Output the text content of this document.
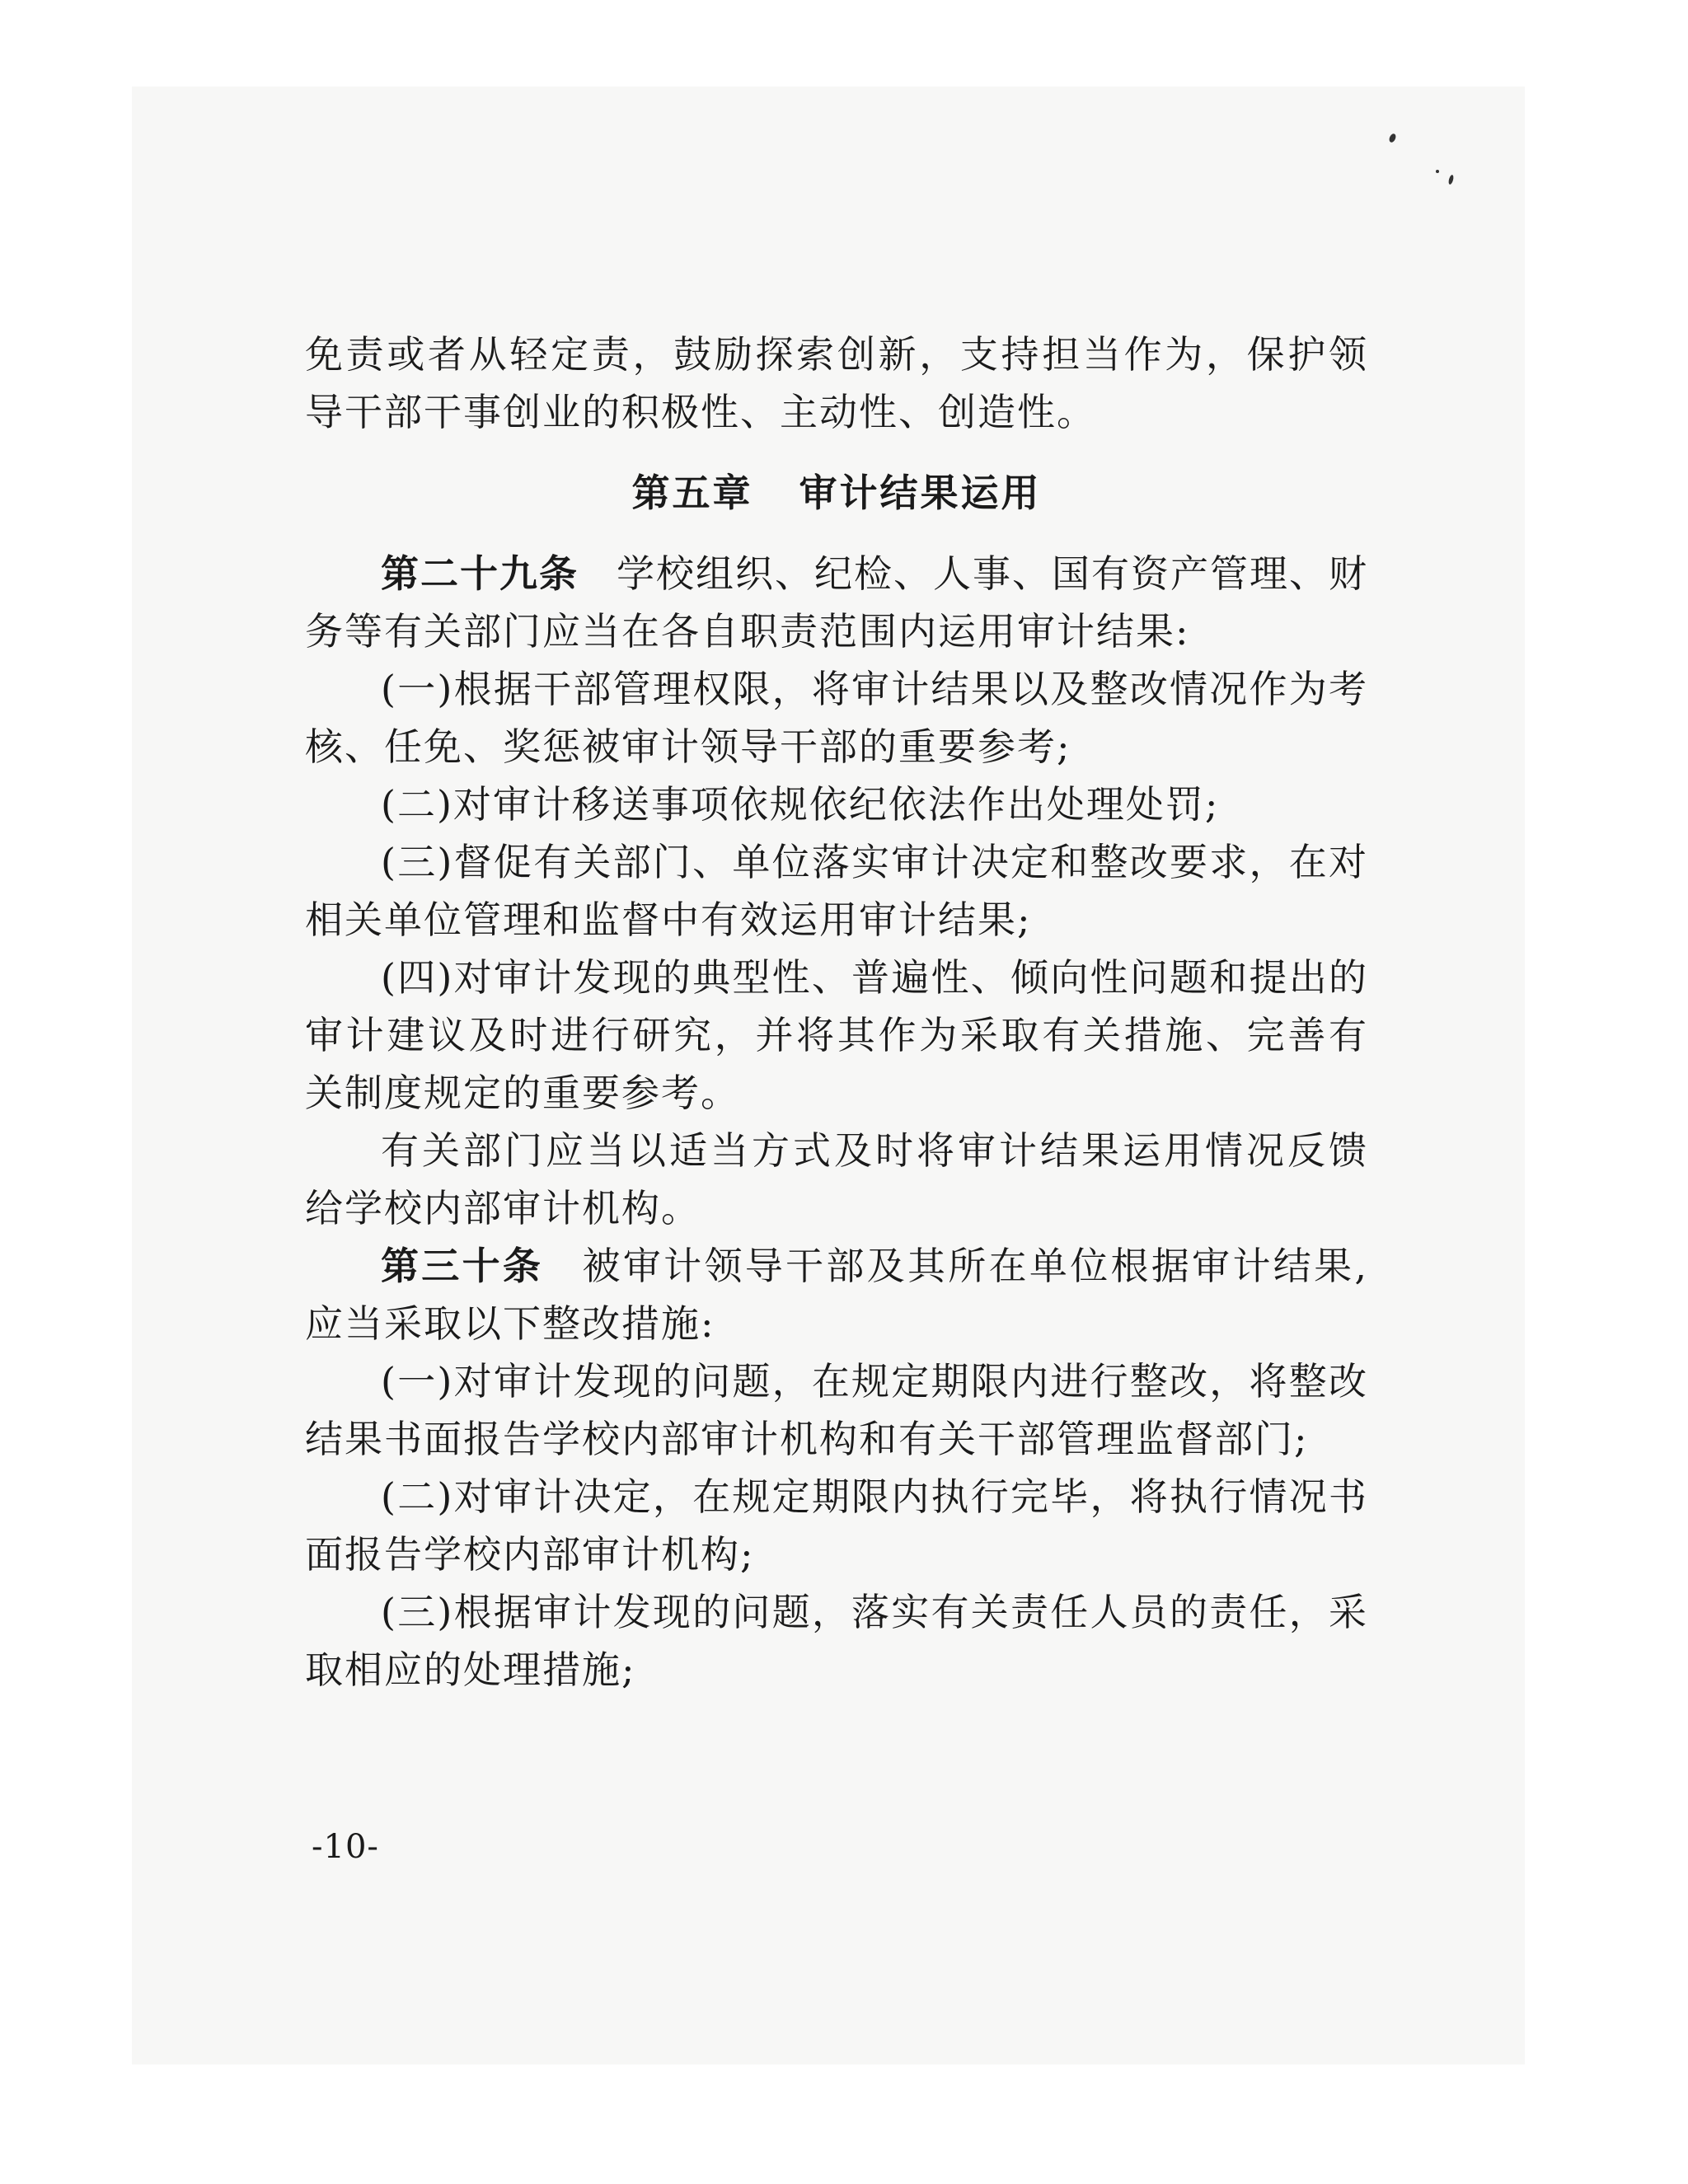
免责或者从轻定责，鼓励探索创新，支持担当作为，保护领导干部干事创业的积极性、主动性、创造性。

第五章 审计结果运用

第二十九条 学校组织、纪检、人事、国有资产管理、财务等有关部门应当在各自职责范围内运用审计结果:

(一)根据干部管理权限，将审计结果以及整改情况作为考核、任免、奖惩被审计领导干部的重要参考;

(二)对审计移送事项依规依纪依法作出处理处罚;

(三)督促有关部门、单位落实审计决定和整改要求，在对相关单位管理和监督中有效运用审计结果;

(四)对审计发现的典型性、普遍性、倾向性问题和提出的审计建议及时进行研究，并将其作为采取有关措施、完善有关制度规定的重要参考。

有关部门应当以适当方式及时将审计结果运用情况反馈给学校内部审计机构。

第三十条 被审计领导干部及其所在单位根据审计结果,应当采取以下整改措施:

(一)对审计发现的问题，在规定期限内进行整改，将整改结果书面报告学校内部审计机构和有关干部管理监督部门;

(二)对审计决定，在规定期限内执行完毕，将执行情况书面报告学校内部审计机构;

(三)根据审计发现的问题，落实有关责任人员的责任，采取相应的处理措施;

-10-
